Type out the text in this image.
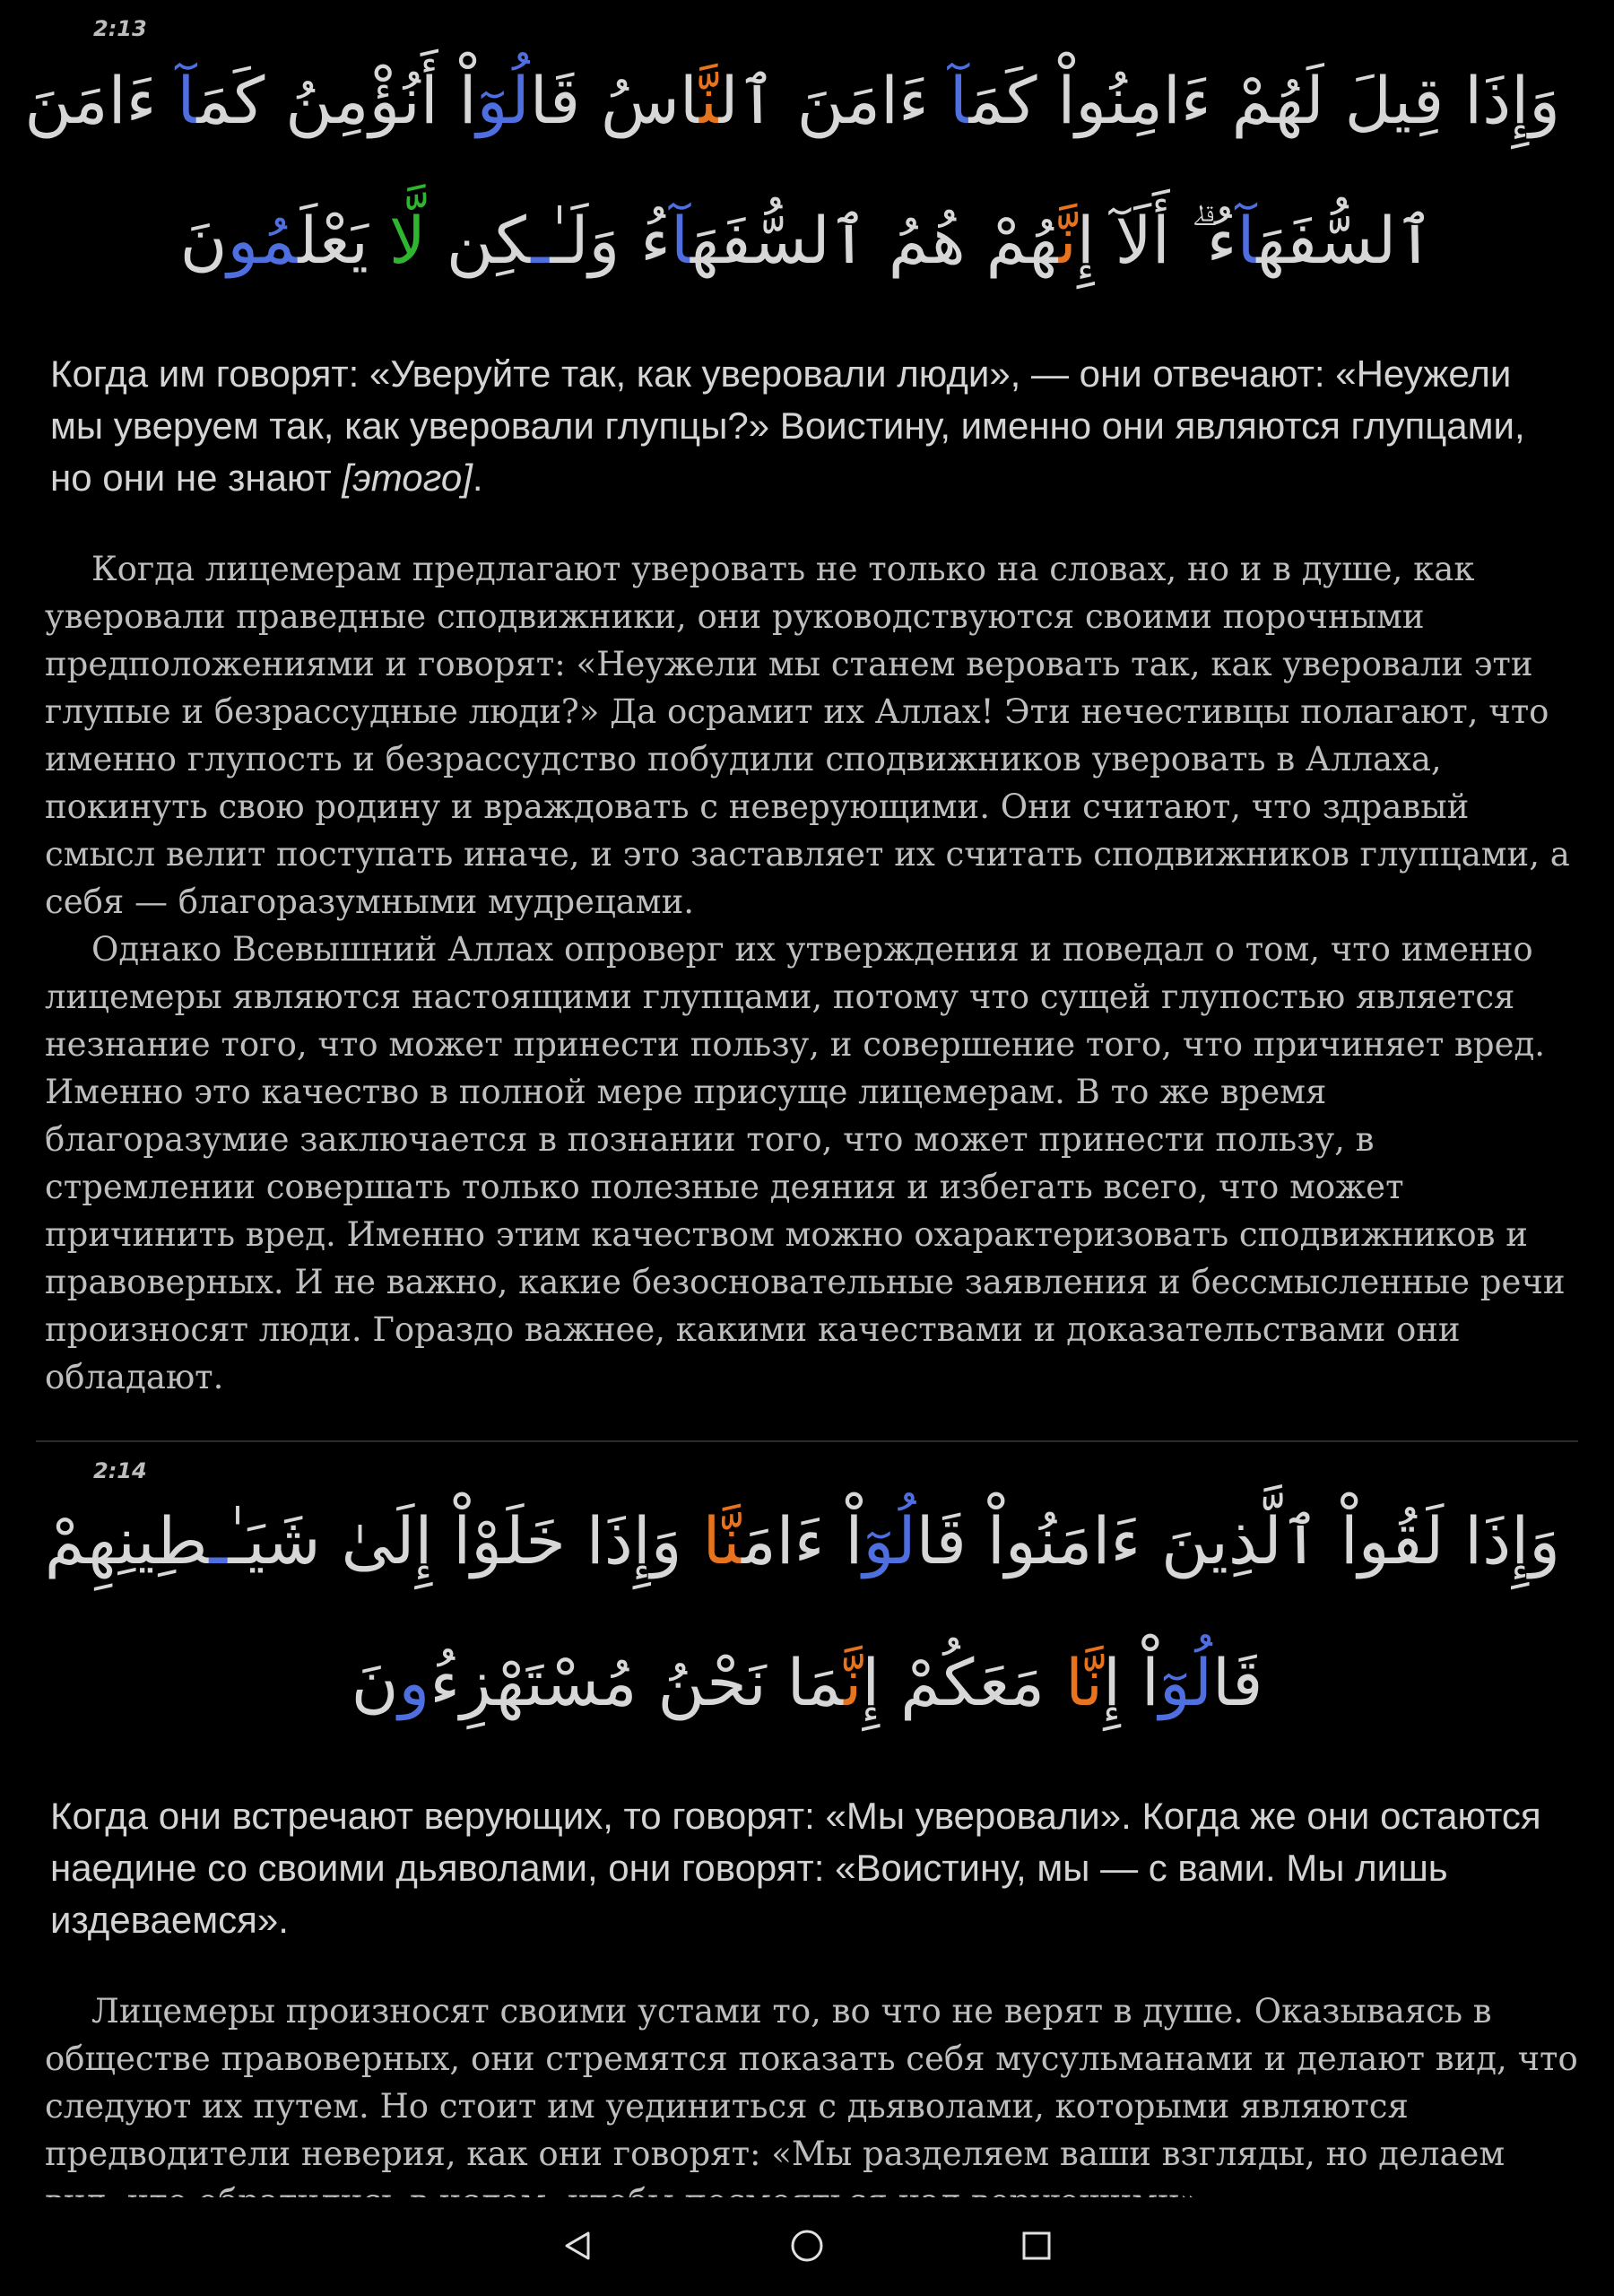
2:13
وَإِذَا قِيلَ لَهُمْ ءَامِنُواْ كَمَآ ءَامَنَ ٱلنَّاسُ قَالُوٓاْ أَنُؤْمِنُ كَمَآ ءَامَنَ
ٱلسُّفَهَآءُ ۗ أَلَ إِنَّهُمْ هُمُ ٱلسُّفَهَآءُ وَلَـٰـكِن لَّا يَعْلَمُونَ

Когда им говорят: «Уверуйте так, как уверовали люди», — они отвечают: «Неужели мы уверуем так, как уверовали глупцы?» Воистину, именно они являются глупцами, но они не знают [этого].

Когда лицемерам предлагают уверовать не только на словах, но и в душе, как уверовали праведные сподвижники, они руководствуются своими порочными предположениями и говорят: «Неужели мы станем веровать так, как уверовали эти глупые и безрассудные люди?» Да осрамит их Аллах! Эти нечестивцы полагают, что именно глупость и безрассудство побудили сподвижников уверовать в Аллаха, покинуть свою родину и враждовать с неверующими. Они считают, что здравый смысл велит поступать иначе, и это заставляет их считать сподвижников глупцами, а себя — благоразумными мудрецами.

Однако Всевышний Аллах опроверг их утверждения и поведал о том, что именно лицемеры являются настоящими глупцами, потому что сущей глупостью является незнание того, что может принести пользу, и совершение того, что причиняет вред. Именно это качество в полной мере присуще лицемерам. В то же время благоразумие заключается в познании того, что может принести пользу, в стремлении совершать только полезные деяния и избегать всего, что может причинить вред. Именно этим качеством можно охарактеризовать сподвижников и правоверных. И не важно, какие безосновательные заявления и бессмысленные речи произносят люди. Гораздо важнее, какими качествами и доказательствами они обладают.

2:14
وَإِذَا لَقُواْ ٱلَّذِينَ ءَامَنُواْ قَالُوٓاْ ءَامَنَّا وَإِذَا خَلَوْاْ إِلَىٰ شَيَـٰـطِينِهِمْ
قَالُوٓاْ إِنَّا مَعَكُمْ إِنَّمَا نَحْنُ مُسْتَهْزِءُونَ

Когда они встречают верующих, то говорят: «Мы уверовали». Когда же они остаются наедине со своими дьяволами, они говорят: «Воистину, мы — с вами. Мы лишь издеваемся».

Лицемеры произносят своими устами то, во что не верят в душе. Оказываясь в обществе правоверных, они стремятся показать себя мусульманами и делают вид, что следуют их путем. Но стоит им уединиться с дьяволами, которыми являются предводители неверия, как они говорят: «Мы разделяем ваши взгляды, но делаем
